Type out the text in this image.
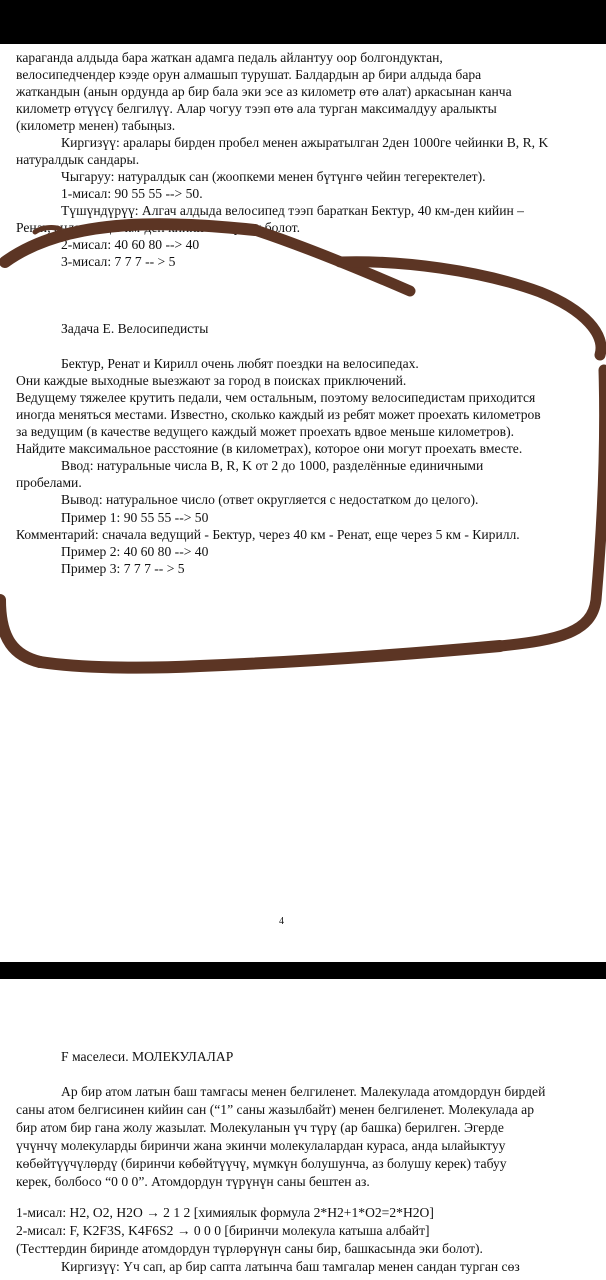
караганда алдыда бара жаткан адамга педаль айлантуу оор болгондуктан,
велосипедчендер кээде орун алмашып турушат. Балдардын ар бири алдыда бара
жаткандын (анын ордунда ар бир бала эки эсе аз километр өтө алат) аркасынан канча
километр өтүүсү белгилүү. Алар чогуу тээп өтө ала турган максималдуу аралыкты
(километр менен) табыңыз.
Киргизүү: аралары бирден пробел менен ажыратылган 2ден 1000ге чейинки B, R, K
натуралдык сандары.
Чыгаруу: натуралдык сан (жоопкеми менен бүтүнгө чейин тегеректелет).
1-мисал: 90 55 55 --> 50.
Түшүндүрүү: Алгач алдыда велосипед тээп бараткан Бектур, 40 км-ден кийин –
Ренат, андан соң 5 км-ден кийин – Кирилл болот.
2-мисал: 40 60 80 --> 40
3-мисал: 7 7 7 -- > 5
Задача E. Велосипедисты
Бектур, Ренат и Кирилл очень любят поездки на велосипедах.
Они каждые выходные выезжают за город в поисках приключений.
Ведущему тяжелее крутить педали, чем остальным, поэтому велосипедистам приходится
иногда меняться местами. Известно, сколько каждый из ребят может проехать километров
за ведущим (в качестве ведущего каждый может проехать вдвое меньше километров).
Найдите максимальное расстояние (в километрах), которое они могут проехать вместе.
Ввод: натуральные числа B, R, K от 2 до 1000, разделённые единичными
пробелами.
Вывод: натуральное число (ответ округляется с недостатком до целого).
Пример 1: 90 55 55 --> 50
Комментарий: сначала ведущий - Бектур, через 40 км - Ренат, еще через 5 км - Кирилл.
Пример 2: 40 60 80 --> 40
Пример 3: 7 7 7 -- > 5
4
F маселеси. МОЛЕКУЛАЛАР
Ар бир атом латын баш тамгасы менен белгиленет. Малекулада атомдордун бирдей
саны атом белгисинен кийин сан (“1” саны жазылбайт) менен белгиленет. Молекулада ар
бир атом бир гана жолу жазылат. Молекуланын үч түрү (ар башка) берилген. Эгерде
үчүнчү молекуларды биринчи жана экинчи молекулалардан кураса, анда ылайыктуу
көбөйтүүчүлөрдү (биринчи көбөйтүүчү, мүмкүн болушунча, аз болушу керек) табуу
керек, болбосо “0 0 0”. Атомдордун түрүнүн саны бештен аз.
1-мисал: H2, O2, H2O → 2 1 2 [химиялык формула 2*H2+1*O2=2*H2O]
2-мисал: F, K2F3S, K4F6S2 → 0 0 0 [биринчи молекула катыша албайт]
(Тесттердин биринде атомдордун түрлөрүнүн саны бир, башкасында эки болот).
Киргизүү: Үч сап, ар бир сапта латынча баш тамгалар менен сандан турган сөз
